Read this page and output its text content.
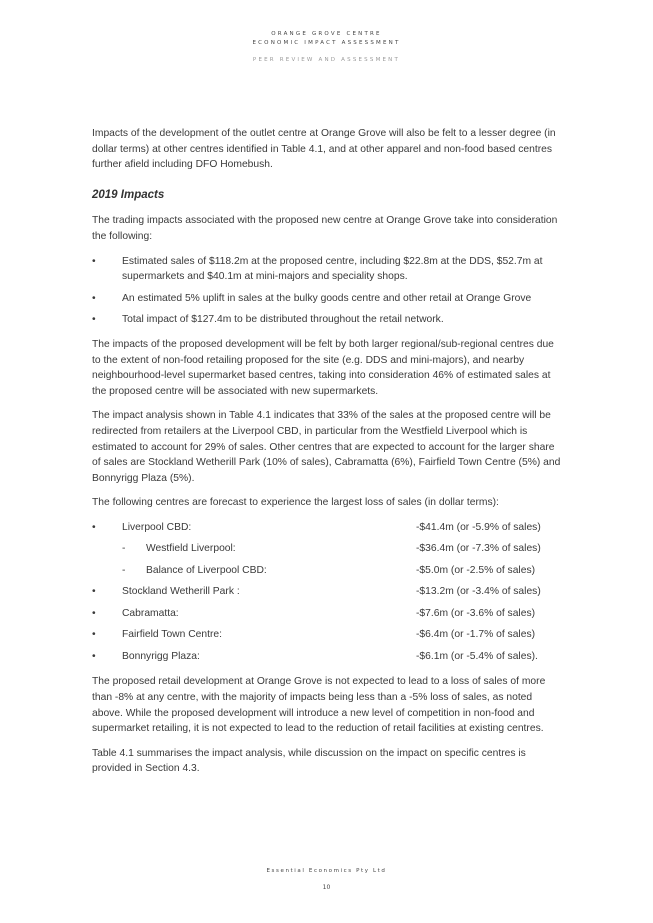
ORANGE GROVE CENTRE
ECONOMIC IMPACT ASSESSMENT
PEER REVIEW AND ASSESSMENT

Impacts of the development of the outlet centre at Orange Grove will also be felt to a lesser degree (in dollar terms) at other centres identified in Table 4.1, and at other apparel and non-food based centres further afield including DFO Homebush.

2019 Impacts

The trading impacts associated with the proposed new centre at Orange Grove take into consideration the following:

•	Estimated sales of $118.2m at the proposed centre, including $22.8m at the DDS, $52.7m at supermarkets and $40.1m at mini-majors and speciality shops.
•	An estimated 5% uplift in sales at the bulky goods centre and other retail at Orange Grove
•	Total impact of $127.4m to be distributed throughout the retail network.

The impacts of the proposed development will be felt by both larger regional/sub-regional centres due to the extent of non-food retailing proposed for the site (e.g. DDS and mini-majors), and nearby neighbourhood-level supermarket based centres, taking into consideration 46% of estimated sales at the proposed centre will be associated with new supermarkets.

The impact analysis shown in Table 4.1 indicates that 33% of the sales at the proposed centre will be redirected from retailers at the Liverpool CBD, in particular from the Westfield Liverpool which is estimated to account for 29% of sales. Other centres that are expected to account for the larger share of sales are Stockland Wetherill Park (10% of sales), Cabramatta (6%), Fairfield Town Centre (5%) and Bonnyrigg Plaza (5%).

The following centres are forecast to experience the largest loss of sales (in dollar terms):

•	Liverpool CBD:	-$41.4m (or -5.9% of sales)
-	Westfield Liverpool:	-$36.4m (or -7.3% of sales)
-	Balance of Liverpool CBD:	-$5.0m (or -2.5% of sales)
•	Stockland Wetherill Park :	-$13.2m (or -3.4% of sales)
•	Cabramatta:	-$7.6m (or -3.6% of sales)
•	Fairfield Town Centre:	-$6.4m (or -1.7% of sales)
•	Bonnyrigg Plaza:	-$6.1m (or -5.4% of sales).

The proposed retail development at Orange Grove is not expected to lead to a loss of sales of more than -8% at any centre, with the majority of impacts being less than a -5% loss of sales, as noted above. While the proposed development will introduce a new level of competition in non-food and supermarket retailing, it is not expected to lead to the reduction of retail facilities at existing centres.

Table 4.1 summarises the impact analysis, while discussion on the impact on specific centres is provided in Section 4.3.

Essential Economics Pty Ltd
10
